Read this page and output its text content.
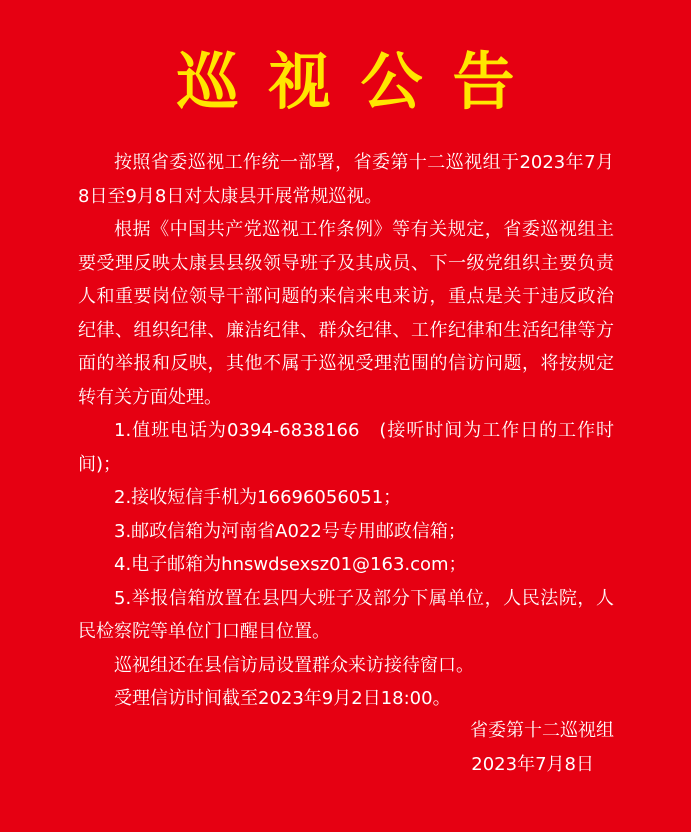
巡视公告

按照省委巡视工作统一部署，省委第十二巡视组于2023年7月8日至9月8日对太康县开展常规巡视。

根据《中国共产党巡视工作条例》等有关规定，省委巡视组主要受理反映太康县县级领导班子及其成员、下一级党组织主要负责人和重要岗位领导干部问题的来信来电来访，重点是关于违反政治纪律、组织纪律、廉洁纪律、群众纪律、工作纪律和生活纪律等方面的举报和反映，其他不属于巡视受理范围的信访问题，将按规定转有关方面处理。

1.值班电话为0394-6838166　(接听时间为工作日的工作时间)；

2.接收短信手机为16696056051；

3.邮政信箱为河南省A022号专用邮政信箱；

4.电子邮箱为hnswdsexsz01@163.com；

5.举报信箱放置在县四大班子及部分下属单位，人民法院，人民检察院等单位门口醒目位置。

巡视组还在县信访局设置群众来访接待窗口。

受理信访时间截至2023年9月2日18:00。

省委第十二巡视组
2023年7月8日
